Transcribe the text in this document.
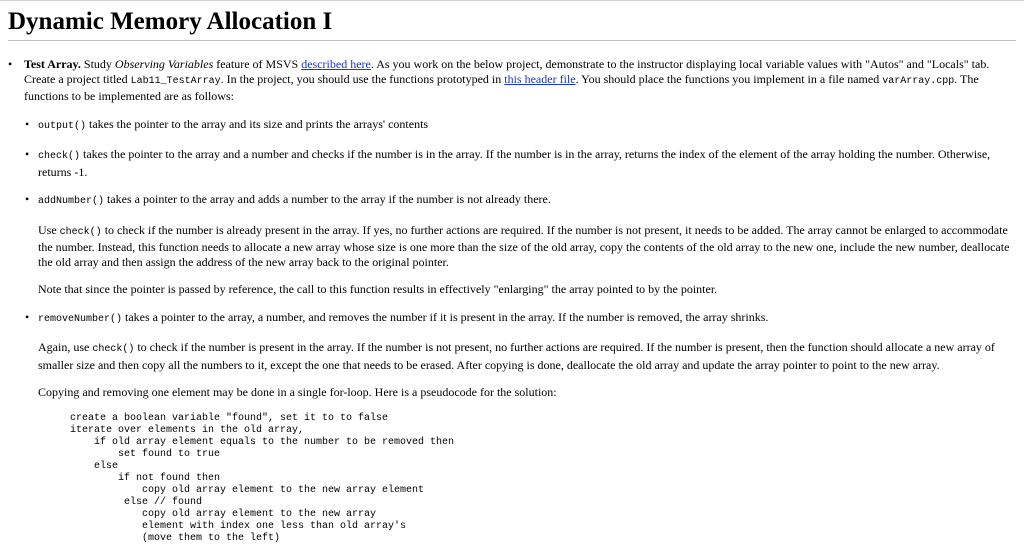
Dynamic Memory Allocation I
• Test Array. Study Observing Variables feature of MSVS described here. As you work on the below project, demonstrate to the instructor displaying local variable values with "Autos" and "Locals" tab. Create a project titled Lab11_TestArray. In the project, you should use the functions prototyped in this header file. You should place the functions you implement in a file named varArray.cpp. The functions to be implemented are as follows:
• output() takes the pointer to the array and its size and prints the arrays' contents
• check() takes the pointer to the array and a number and checks if the number is in the array. If the number is in the array, returns the index of the element of the array holding the number. Otherwise, returns -1.
• addNumber() takes a pointer to the array and adds a number to the array if the number is not already there.

Use check() to check if the number is already present in the array. If yes, no further actions are required. If the number is not present, it needs to be added. The array cannot be enlarged to accommodate the number. Instead, this function needs to allocate a new array whose size is one more than the size of the old array, copy the contents of the old array to the new one, include the new number, deallocate the old array and then assign the address of the new array back to the original pointer.

Note that since the pointer is passed by reference, the call to this function results in effectively "enlarging" the array pointed to by the pointer.

• removeNumber() takes a pointer to the array, a number, and removes the number if it is present in the array. If the number is removed, the array shrinks.

Again, use check() to check if the number is present in the array. If the number is not present, no further actions are required. If the number is present, then the function should allocate a new array of smaller size and then copy all the numbers to it, except the one that needs to be erased. After copying is done, deallocate the old array and update the array pointer to point to the new array.

Copying and removing one element may be done in a single for-loop. Here is a pseudocode for the solution:

create a boolean variable "found", set it to to false
iterate over elements in the old array,
if old array element equals to the number to be removed then
set found to true
else
if not found then
copy old array element to the new array element
else // found
copy old array element to the new array
element with index one less than old array's
(move them to the left)
